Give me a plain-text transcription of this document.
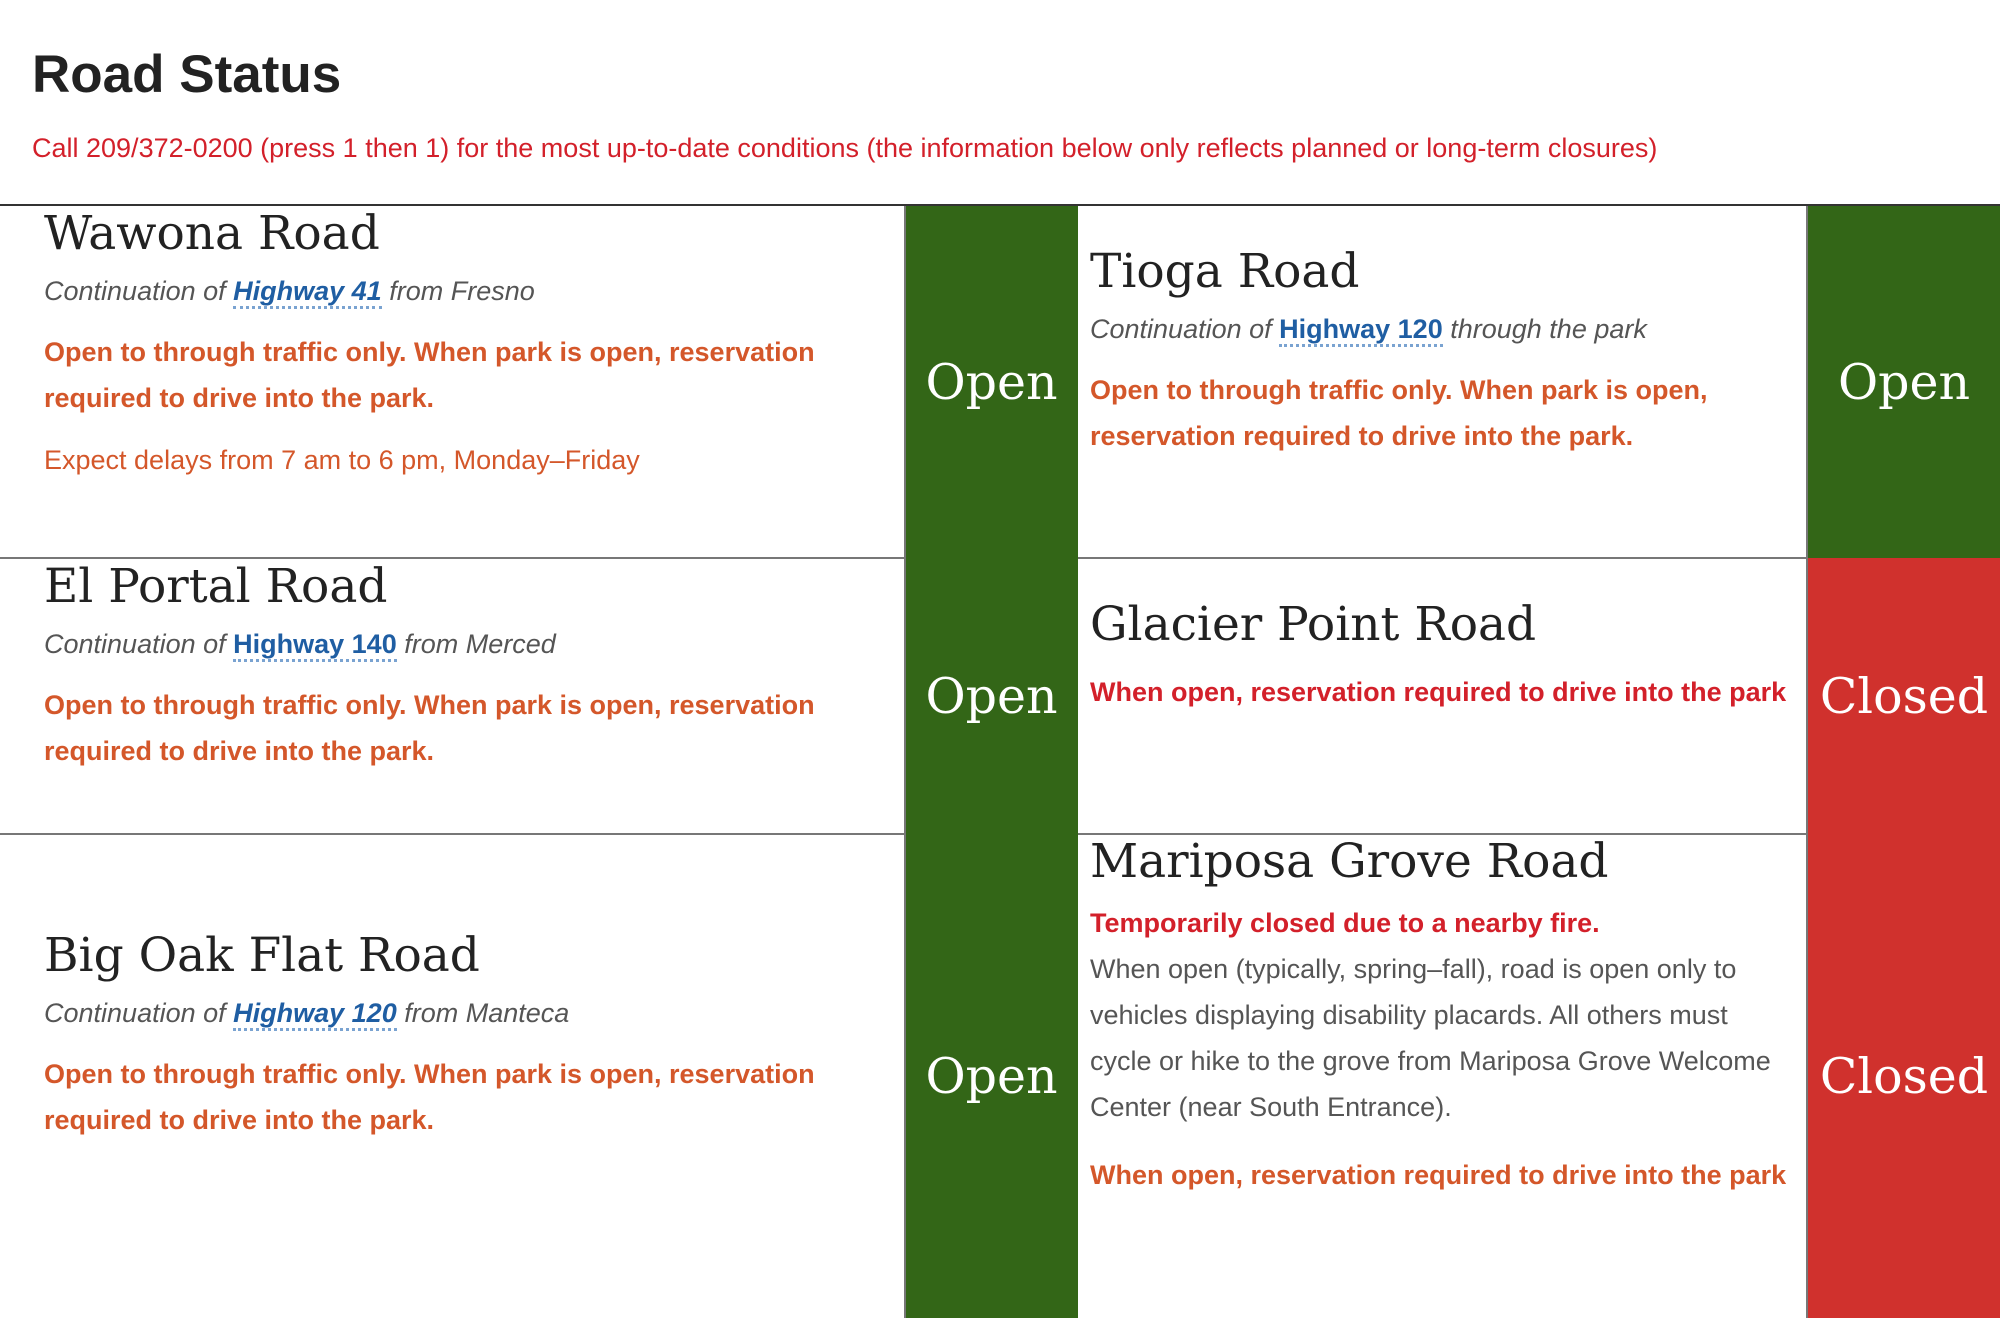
Road Status
Call 209/372-0200 (press 1 then 1) for the most up-to-date conditions (the information below only reflects planned or long-term closures)
Wawona Road
Continuation of Highway 41 from Fresno
Open to through traffic only. When park is open, reservation required to drive into the park.
Expect delays from 7 am to 6 pm, Monday–Friday
Open
Tioga Road
Continuation of Highway 120 through the park
Open to through traffic only. When park is open, reservation required to drive into the park.
Open
El Portal Road
Continuation of Highway 140 from Merced
Open to through traffic only. When park is open, reservation required to drive into the park.
Open
Glacier Point Road
When open, reservation required to drive into the park Closed
Big Oak Flat Road
Continuation of Highway 120 from Manteca
Open to through traffic only. When park is open, reservation required to drive into the park.
Open
Mariposa Grove Road
Temporarily closed due to a nearby fire.
When open (typically, spring–fall), road is open only to vehicles displaying disability placards. All others must cycle or hike to the grove from Mariposa Grove Welcome Center (near South Entrance).
When open, reservation required to drive into the park
Closed
